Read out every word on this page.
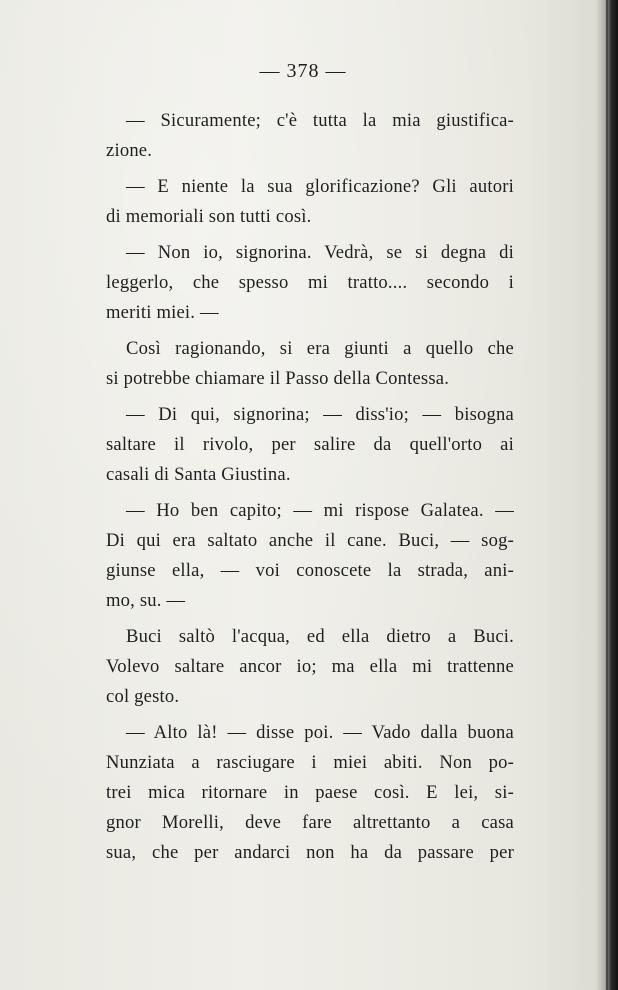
— 378 —
— Sicuramente; c'è tutta la mia giustifica-
zione.
— E niente la sua glorificazione? Gli autori
di memoriali son tutti così.
— Non io, signorina. Vedrà, se si degna di
leggerlo, che spesso mi tratto.... secondo i
meriti miei. —
Così ragionando, si era giunti a quello che
si potrebbe chiamare il Passo della Contessa.
— Di qui, signorina; — diss'io; — bisogna
saltare il rivolo, per salire da quell'orto ai
casali di Santa Giustina.
— Ho ben capito; — mi rispose Galatea. —
Di qui era saltato anche il cane. Buci, — sog-
giunse ella, — voi conoscete la strada, ani-
mo, su. —
Buci saltò l'acqua, ed ella dietro a Buci.
Volevo saltare ancor io; ma ella mi trattenne
col gesto.
— Alto là! — disse poi. — Vado dalla buona
Nunziata a rasciugare i miei abiti. Non po-
trei mica ritornare in paese così. E lei, si-
gnor Morelli, deve fare altrettanto a casa
sua, che per andarci non ha da passare per
